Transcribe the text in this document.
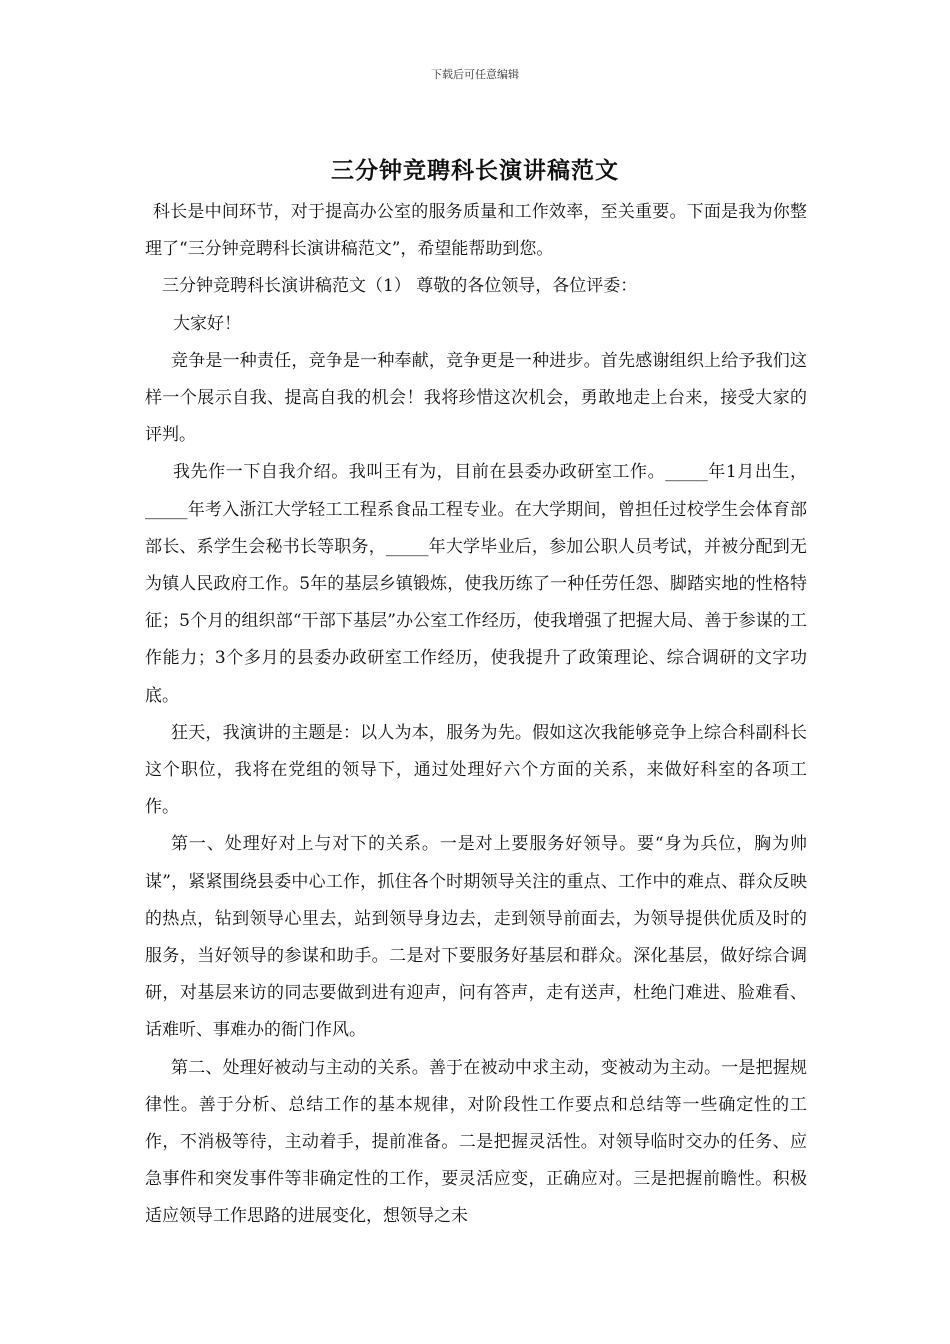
下载后可任意编辑
三分钟竞聘科长演讲稿范文

科长是中间环节，对于提高办公室的服务质量和工作效率，至关重要。下面是我为你整理了“三分钟竞聘科长演讲稿范文”，希望能帮助到您。

三分钟竞聘科长演讲稿范文（1） 尊敬的各位领导，各位评委：

大家好！

竞争是一种责任，竞争是一种奉献，竞争更是一种进步。首先感谢组织上给予我们这样一个展示自我、提高自我的机会！我将珍惜这次机会，勇敢地走上台来，接受大家的评判。

我先作一下自我介绍。我叫王有为，目前在县委办政研室工作。_____年1月出生，_____年考入浙江大学轻工工程系食品工程专业。在大学期间，曾担任过校学生会体育部部长、系学生会秘书长等职务，_____年大学毕业后，参加公职人员考试，并被分配到无为镇人民政府工作。5年的基层乡镇锻炼，使我历练了一种任劳任怨、脚踏实地的性格特征；5个月的组织部“干部下基层”办公室工作经历，使我增强了把握大局、善于参谋的工作能力；3个多月的县委办政研室工作经历，使我提升了政策理论、综合调研的文字功底。

狂天，我演讲的主题是：以人为本，服务为先。假如这次我能够竞争上综合科副科长这个职位，我将在党组的领导下，通过处理好六个方面的关系，来做好科室的各项工作。

第一、处理好对上与对下的关系。一是对上要服务好领导。要“身为兵位，胸为帅谋”，紧紧围绕县委中心工作，抓住各个时期领导关注的重点、工作中的难点、群众反映的热点，钻到领导心里去，站到领导身边去，走到领导前面去，为领导提供优质及时的服务，当好领导的参谋和助手。二是对下要服务好基层和群众。深化基层，做好综合调研，对基层来访的同志要做到进有迎声，问有答声，走有送声，杜绝门难进、脸难看、话难听、事难办的衙门作风。

第二、处理好被动与主动的关系。善于在被动中求主动，变被动为主动。一是把握规律性。善于分析、总结工作的基本规律，对阶段性工作要点和总结等一些确定性的工作，不消极等待，主动着手，提前准备。二是把握灵活性。对领导临时交办的任务、应急事件和突发事件等非确定性的工作，要灵活应变，正确应对。三是把握前瞻性。积极适应领导工作思路的进展变化，想领导之未
